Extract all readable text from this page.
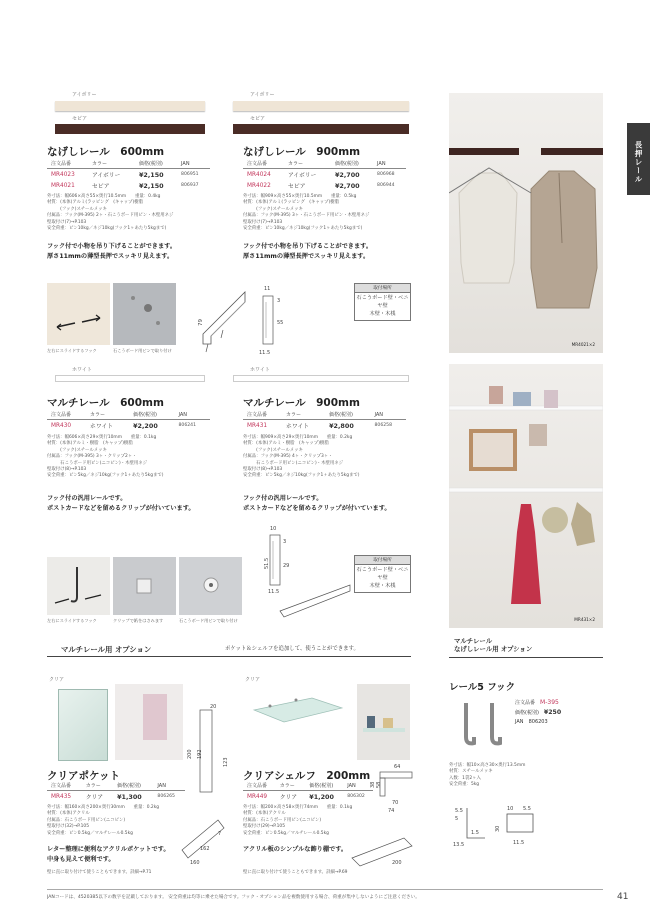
長押レール
アイボリー
セピア
なげしレール　600mm
注文品番	カラー	価格(税別)	JAN
MR4023	アイボリー	¥2,150	806951
MR4021	セピア	¥2,150	806937
外寸法：幅606×高さ55×奥行10.5mm　　重量：0.4kg
材質：(本体)アルミ(ラッピング　(キャップ)樹脂
　　　(フック)スチールメッキ
付属品：フック(M-395) 2ヶ・石こうボード用ピン・木壁用ネジ
壁取付け(7)→P.103
安全荷重：ピン10kg／ネジ10kg(フック1ヶあたり5kgまで)
フック付で小物を吊り下げることができます。
厚さ11mmの薄型長押でスッキリ見えます。
アイボリー
セピア
なげしレール　900mm
注文品番	カラー	価格(税別)	JAN
MR4024	アイボリー	¥2,700	806968
MR4022	セピア	¥2,700	806944
外寸法：幅909×高さ55×奥行10.5mm　　重量：0.5kg
材質：(本体)アルミ(ラッピング　(キャップ)樹脂
　　　(フック)スチールメッキ
付属品：フック(M-395) 3ヶ・石こうボード用ピン・木壁用ネジ
壁取付け(7)→P.103
安全荷重：ピン10kg／ネジ10kg(フック1ヶあたり5kgまで)
フック付で小物を吊り下げることができます。
厚さ11mmの薄型長押でスッキリ見えます。
MR4021×2
左右にスライドするフック	石こうボード用ピンで取り付け
79
11
3
55
11.5
取付場所
石こうボード壁・ベニヤ壁
木壁・木桟
ホワイト
マルチレール　600mm
注文品番	カラー	価格(税別)	JAN
MR430	ホワイト	¥2,200	806241
外寸法：幅606×高さ29×奥行10mm　　重量：0.1kg
材質：(本体)アルミ・樹脂　(キャップ)樹脂
　　　(フック)スチールメッキ
付属品：フック(M-395) 3ヶ・クリップ2ヶ・
　　　石こうボード用ピン(ニコピン)・木壁用ネジ
壁取付け(8)→P.103
安全荷重：ピン5kg／ネジ10kg(フック1ヶあたり5kgまで)
フック付の汎用レールです。
ポストカードなどを留めるクリップが付いています。
ホワイト
マルチレール　900mm
注文品番	カラー	価格(税別)	JAN
MR431	ホワイト	¥2,800	806258
外寸法：幅909×高さ29×奥行10mm　　重量：0.2kg
材質：(本体)アルミ・樹脂　(キャップ)樹脂
　　　(フック)スチールメッキ
付属品：フック(M-395) 4ヶ・クリップ3ヶ・
　　　石こうボード用ピン(ニコピン)・木壁用ネジ
壁取付け(8)→P.103
安全荷重：ピン5kg／ネジ10kg(フック1ヶあたり5kgまで)
フック付の汎用レールです。
ポストカードなどを留めるクリップが付いています。
MR431×2
左右にスライドするフック	クリップで紙をはさみます	石こうボード用ピンで取り付け
10
3
51.5	29
11.5
取付場所
石こうボード壁・ベニヤ壁
木壁・木桟
マルチレール用 オプション	ポケット＆シェルフを追加して、使うことができます。
マルチレール
なげしレール用 オプション
クリア
20
200 192
123
7
162
160
クリアポケット
注文品番	カラー	価格(税別)	JAN
MR435	クリア	¥1,300	806265
外寸法：幅160×高さ200×奥行30mm　　重量：0.2kg
材質：(本体)アクリル
付属品：石こうボード用ピン(ニコピン)
壁取付け(32)→P.105
安全荷重：ピン0.5kg／マルチレール0.5kg
レター整理に便利なアクリルポケットです。
中身も見えて便利です。
壁に直に取り付けて使うこともできます。詳細→P.71
クリア
64
38 58
70
74
200
クリアシェルフ　200mm
注文品番	カラー	価格(税別)	JAN
MR449	クリア	¥1,200	806302
外寸法：幅200×高さ58×奥行74mm　　重量：0.1kg
材質：(本体)アクリル
付属品：石こうボード用ピン(ニコピン)
壁取付け(29)→P.105
安全荷重：ピン0.5kg／マルチレール0.5kg
アクリル板のシンプルな飾り棚です。
壁に直に取り付けて使うこともできます。詳細→P.69
レール5 フック
注文品番　 M-395
価格(税別)　 ¥250
JAN　 806203
外寸法：幅10×高さ30×奥行13.5mm
材質：スチールメッキ
入数：1袋2ヶ入
安全荷重：5kg
5.5
5
10 5.5
30
1.5
13.5	11.5
JANコードは、4520385以下の数字を記載しております。 安全荷重は均等に乗せた場合です。フック・オプション品を複数使用する場合、荷重が集中しないようにご注意ください。	41
